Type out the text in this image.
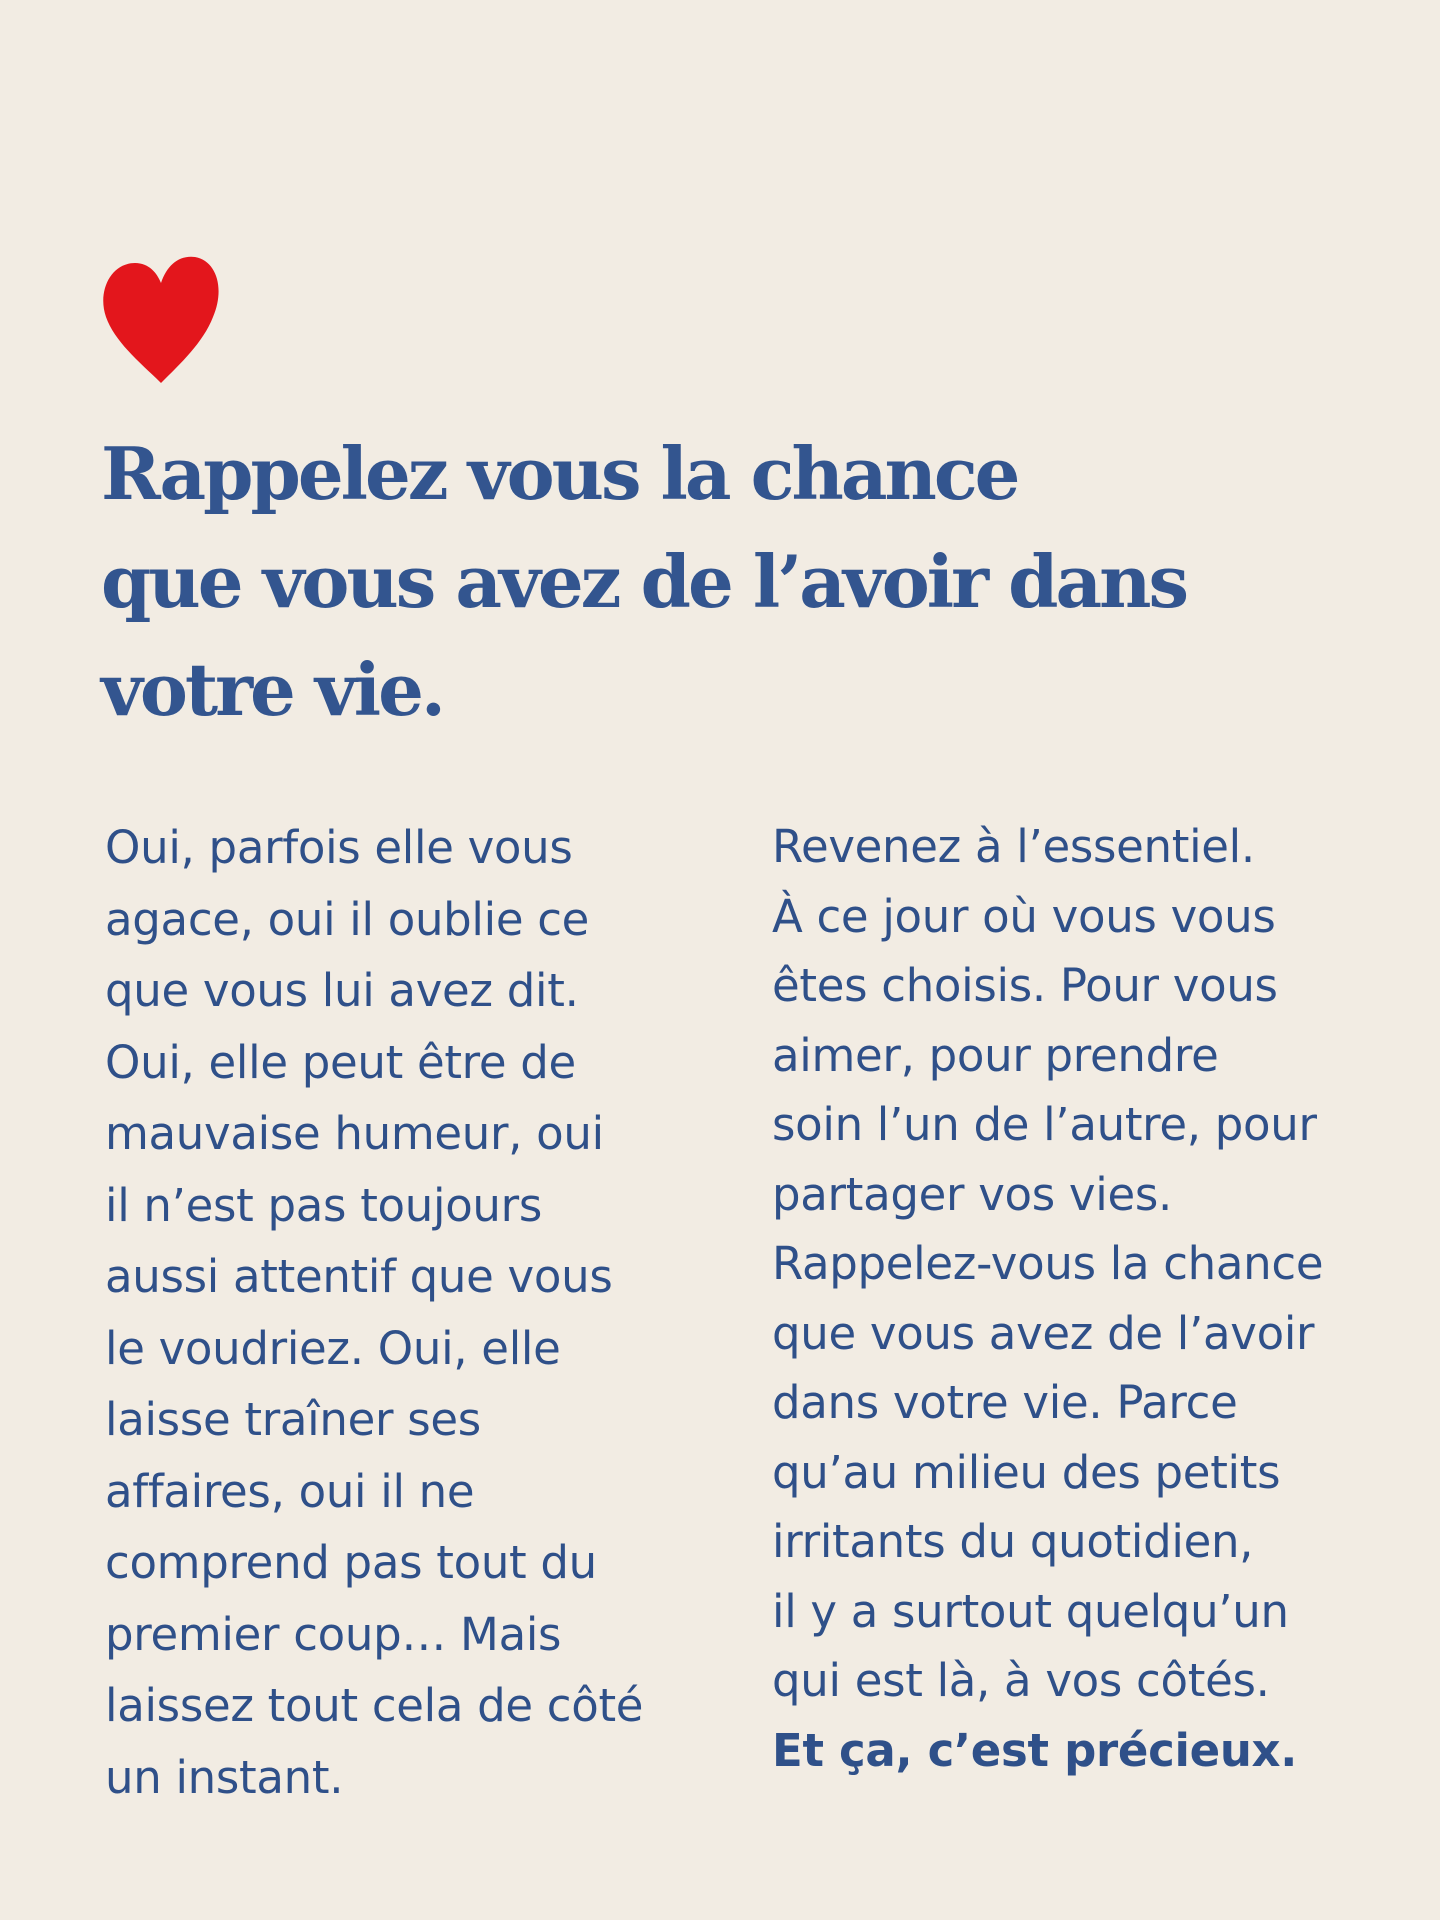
Rappelez vous la chance
que vous avez de l’avoir dans
votre vie.
Oui, parfois elle vous
agace, oui il oublie ce
que vous lui avez dit.
Oui, elle peut être de
mauvaise humeur, oui
il n’est pas toujours
aussi attentif que vous
le voudriez. Oui, elle
laisse traîner ses
affaires, oui il ne
comprend pas tout du
premier coup… Mais
laissez tout cela de côté
un instant.
Revenez à l’essentiel.
À ce jour où vous vous
êtes choisis. Pour vous
aimer, pour prendre
soin l’un de l’autre, pour
partager vos vies.
Rappelez-vous la chance
que vous avez de l’avoir
dans votre vie. Parce
qu’au milieu des petits
irritants du quotidien,
il y a surtout quelqu’un
qui est là, à vos côtés.
Et ça, c’est précieux.
